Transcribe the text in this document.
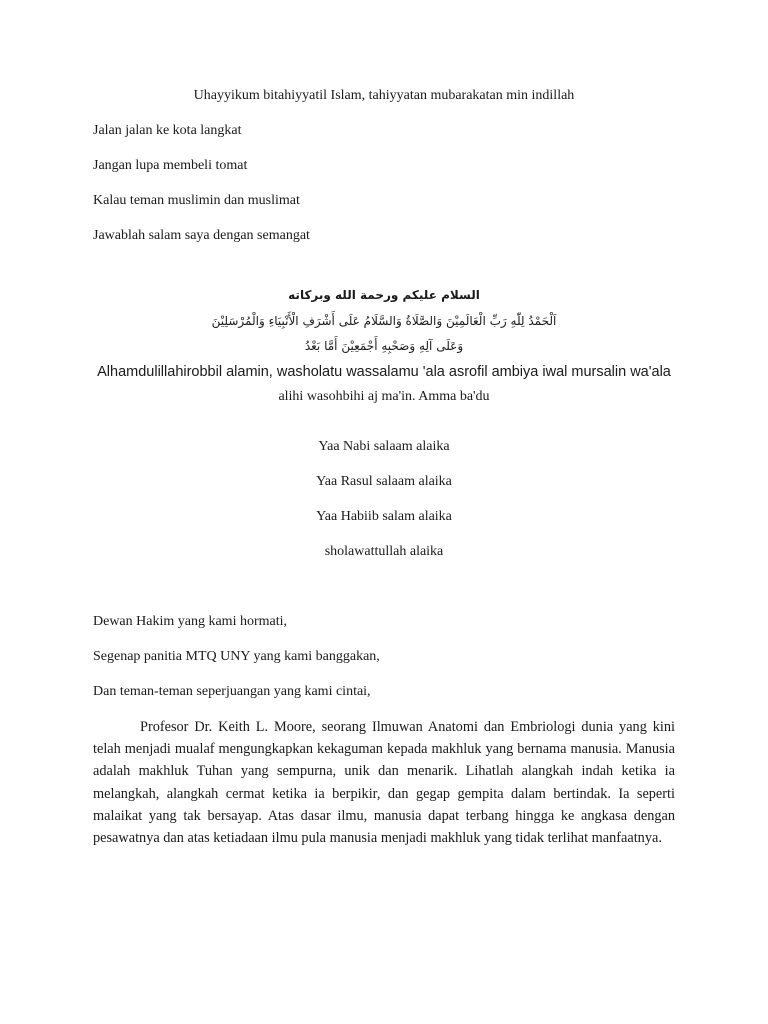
Uhayyikum bitahiyyatil Islam, tahiyyatan mubarakatan min indillah
Jalan jalan ke kota langkat
Jangan lupa membeli tomat
Kalau teman muslimin dan muslimat
Jawablah salam saya dengan semangat
السلام عليكم ورحمة الله وبركاته
اَلْحَمْدُ لِلّٰهِ رَبِّ الْعَالَمِيْنَ وَالصَّلَاةُ وَالسَّلَامُ عَلَى أَشْرَفِ الْأَنْبِيَاءِ وَالْمُرْسَلِيْنَ
وَعَلَى آلِهِ وَصَحْبِهِ أَجْمَعِيْنَ أَمَّا بَعْدُ
Alhamdulillahirobbil alamin, washolatu wassalamu 'ala asrofil ambiya iwal mursalin wa'ala
alihi wasohbihi aj ma'in. Amma ba'du
Yaa Nabi salaam alaika
Yaa Rasul salaam alaika
Yaa Habiib salam alaika
sholawattullah alaika
Dewan Hakim yang kami hormati,
Segenap panitia MTQ UNY yang kami banggakan,
Dan teman-teman seperjuangan yang kami cintai,
Profesor Dr. Keith L. Moore, seorang Ilmuwan Anatomi dan Embriologi dunia yang kini telah menjadi mualaf mengungkapkan kekaguman kepada makhluk yang bernama manusia. Manusia adalah makhluk Tuhan yang sempurna, unik dan menarik. Lihatlah alangkah indah ketika ia melangkah, alangkah cermat ketika ia berpikir, dan gegap gempita dalam bertindak. Ia seperti malaikat yang tak bersayap. Atas dasar ilmu, manusia dapat terbang hingga ke angkasa dengan pesawatnya dan atas ketiadaan ilmu pula manusia menjadi makhluk yang tidak terlihat manfaatnya.
